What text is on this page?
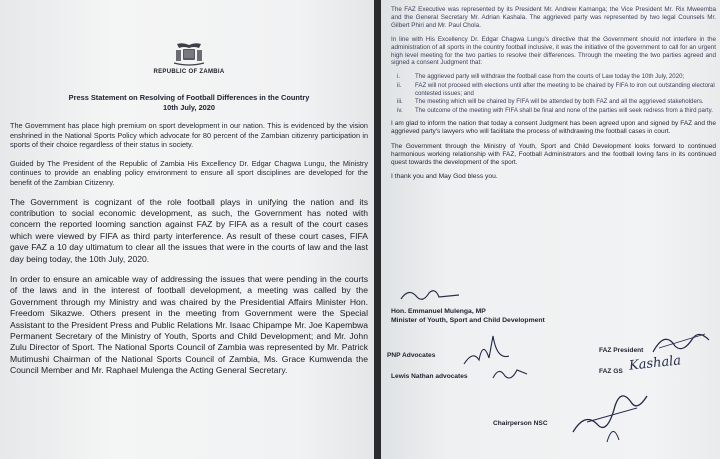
REPUBLIC OF ZAMBIA
Press Statement on Resolving of Football Differences in the Country
10th July, 2020

The Government has place high premium on sport development in our nation. This is evidenced by the vision enshrined in the National Sports Policy which advocate for 80 percent of the Zambian citizenry participation in sports of their choice regardless of their status in society.

Guided by The President of the Republic of Zambia His Excellency Dr. Edgar Chagwa Lungu, the Ministry continues to provide an enabling policy environment to ensure all sport disciplines are developed for the benefit of the Zambian Citizenry.

The Government is cognizant of the role football plays in unifying the nation and its contribution to social economic development, as such, the Government has noted with concern the reported looming sanction against FAZ by FIFA as a result of the court cases which were viewed by FIFA as third party interference. As result of these court cases, FIFA gave FAZ a 10 day ultimatum to clear all the issues that were in the courts of law and the last day being today, the 10th July, 2020.

In order to ensure an amicable way of addressing the issues that were pending in the courts of the laws and in the interest of football development, a meeting was called by the Government through my Ministry and was chaired by the Presidential Affairs Minister Hon. Freedom Sikazwe. Others present in the meeting from Government were the Special Assistant to the President Press and Public Relations Mr. Isaac Chipampe Mr. Joe Kapembwa Permanent Secretary of the Ministry of Youth, Sports and Child Development; and Mr. John Zulu Director of Sport. The National Sports Council of Zambia was represented by Mr. Patrick Mutimushi Chairman of the National Sports Council of Zambia, Ms. Grace Kumwenda the Council Member and Mr. Raphael Mulenga the Acting General Secretary.

The FAZ Executive was represented by its President Mr. Andrew Kamanga; the Vice President Mr. Rix Mweemba and the General Secretary Mr. Adrian Kashala. The aggrieved party was represented by two legal Counsels Mr. Gilbert Phiri and Mr. Paul Chola.

In line with His Excellency Dr. Edgar Chagwa Lungu's directive that the Government should not interfere in the administration of all sports in the country football inclusive, it was the initiative of the government to call for an urgent high level meeting for the two parties to resolve their differences. Through the meeting the two parties agreed and signed a consent Judgment that:

i.	The aggrieved party will withdraw the football case from the courts of Law today the 10th July, 2020;
ii.	FAZ will not proceed with elections until after the meeting to be chaired by FIFA to iron out outstanding electoral contested issues; and
iii.	The meeting which will be chaired by FIFA will be attended by both FAZ and all the aggrieved stakeholders.
iv.	The outcome of the meeting with FIFA shall be final and none of the parties will seek redress from a third party.

I am glad to inform the nation that today a consent Judgment has been agreed upon and signed by FAZ and the aggrieved party's lawyers who will facilitate the process of withdrawing the football cases in court.

The Government through the Ministry of Youth, Sport and Child Development looks forward to continued harmonious working relationship with FAZ, Football Administrators and the football loving fans in its continued quest towards the development of the sport.

I thank you and May God bless you.

Hon. Emmanuel Mulenga, MP
Minister of Youth, Sport and Child Development
PNP Advocates
Lewis Nathan advocates
FAZ President
FAZ GS Kashala
Chairperson NSC
